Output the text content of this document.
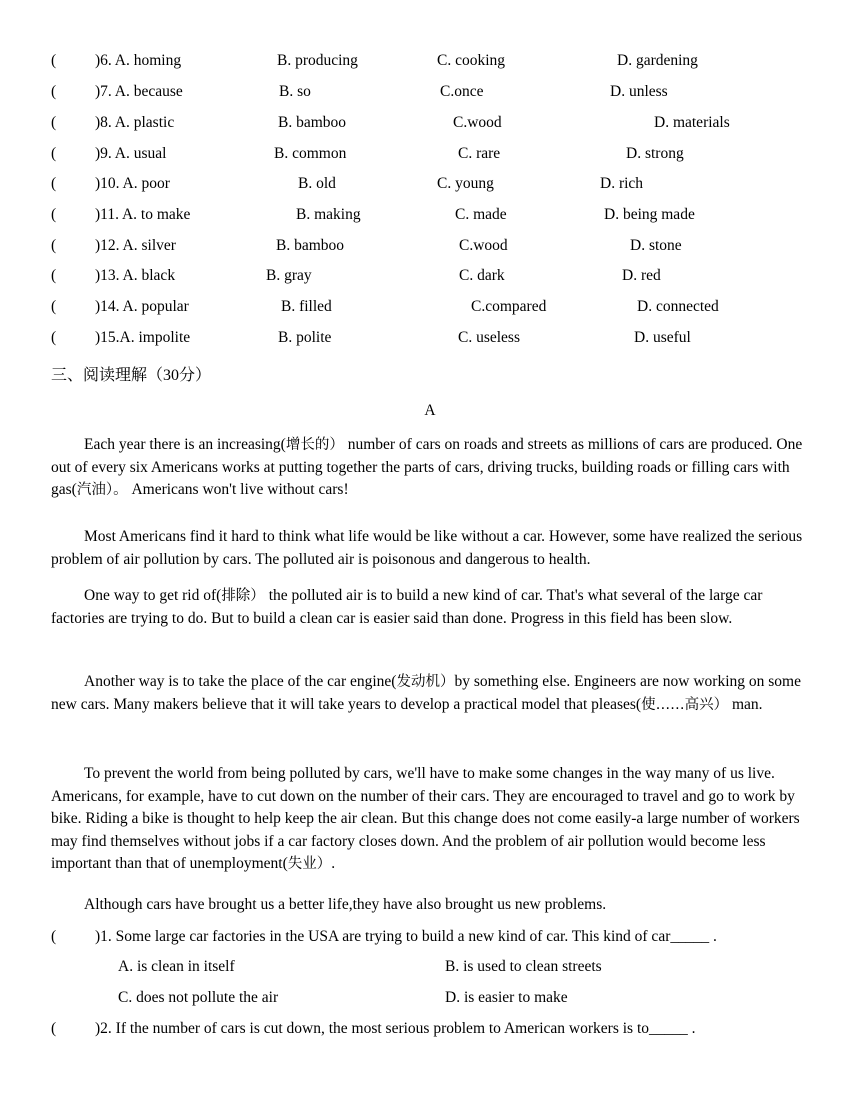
(	)6. A. homing	B. producing	C. cooking	D. gardening
(	)7. A. because	B. so	C.once	D. unless
(	)8. A. plastic	B. bamboo	C.wood	D. materials
(	)9. A. usual	B. common	C. rare	D. strong
(	)10. A. poor	B. old	C. young	D. rich
(	)11. A. to make	B. making	C. made	D. being made
(	)12. A. silver	B. bamboo	C.wood	D. stone
(	)13. A. black	B. gray	C. dark	D. red
(	)14. A. popular	B. filled	C.compared	D. connected
(	)15.A. impolite	B. polite	C. useless	D. useful
三、阅读理解（30分）
A
Each year there is an increasing(增长的） number of cars on roads and streets as millions of cars are produced. One out of every six Americans works at putting together the parts of cars, driving trucks, building roads or filling cars with gas(汽油）。 Americans won't live without cars!
Most Americans find it hard to think what life would be like without a car. However, some have realized the serious problem of air pollution by cars. The polluted air is poisonous and dangerous to health.
One way to get rid of(排除） the polluted air is to build a new kind of car. That's what several of the large car factories are trying to do. But to build a clean car is easier said than done. Progress in this field has been slow.
Another way is to take the place of the car engine(发动机）by something else. Engineers are now working on some new cars. Many makers believe that it will take years to develop a practical model that pleases(使……高兴） man.
To prevent the world from being polluted by cars, we'll have to make some changes in the way many of us live. Americans, for example, have to cut down on the number of their cars. They are encouraged to travel and go to work by bike. Riding a bike is thought to help keep the air clean. But this change does not come easily-a large number of workers may find themselves without jobs if a car factory closes down. And the problem of air pollution would become less important than that of unemployment(失业）.
Although cars have brought us a better life,they have also brought us new problems.
(	)1. Some large car factories in the USA are trying to build a new kind of car. This kind of car_____ .
A. is clean in itself	B. is used to clean streets
C. does not pollute the air	D. is easier to make
(	)2. If the number of cars is cut down, the most serious problem to American workers is to_____ .
